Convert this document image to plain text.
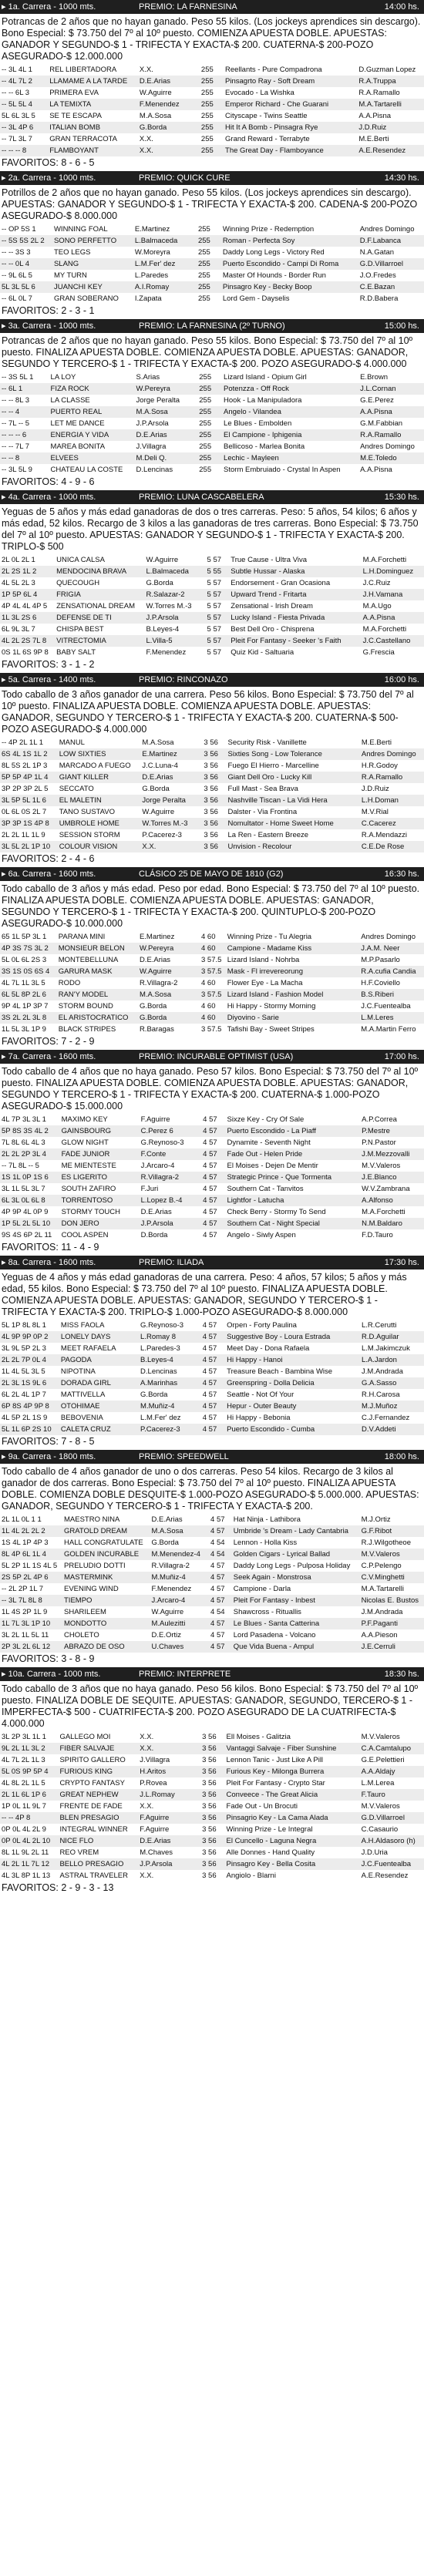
▸ 1a. Carrera - 1000 mts.	PREMIO: LA FARNESINA	14:00 hs.
Potrancas de 2 años que no hayan ganado. Peso 55 kilos. (Los jockeys aprendices sin descargo). Bono Especial: $ 73.750 del 7º al 10º puesto. COMIENZA APUESTA DOBLE. APUESTAS: GANADOR Y SEGUNDO-$ 1 - TRIFECTA Y EXACTA-$ 200. CUATERNA-$ 200-POZO ASEGURADO-$ 12.000.000
-- 3L 4L 1	REL LIBERTADORA	X.X.	255	Reellants - Pure Compadrona	D.Guzman Lopez
-- 4L 7L 2	LLAMAME A LA TARDE	D.E.Arias	255	Pinsagrto Ray - Soft Dream	R.A.Truppa
-- -- 6L 3	PRIMERA EVA	W.Aguirre	255	Evocado - La Wishka	R.A.Ramallo
-- 5L 5L 4	LA TEMIXTA	F.Menendez	255	Emperor Richard - Che Guarani	M.A.Tartarelli
5L 6L 3L 5	SE TE ESCAPA	M.A.Sosa	255	Cityscape - Twins Seattle	A.A.Pisna
-- 3L 4P 6	ITALIAN BOMB	G.Borda	255	Hit It A Bomb - Pinsagra Rye	J.D.Ruiz
-- 7L 3L 7	GRAN TERRACOTA	X.X.	255	Grand Reward - Terrabyte	M.E.Berti
-- -- -- 8	FLAMBOYANT	X.X.	255	The Great Day - Flamboyance	A.E.Resendez
FAVORITOS: 8 - 6 - 5
▸ 2a. Carrera - 1000 mts.	PREMIO: QUICK CURE	14:30 hs.
Potrillos de 2 años que no hayan ganado. Peso 55 kilos. (Los jockeys aprendices sin descargo). APUESTAS: GANADOR Y SEGUNDO-$ 1 - TRIFECTA Y EXACTA-$ 200. CADENA-$ 200-POZO ASEGURADO-$ 8.000.000
-- OP 5S 1	WINNING FOAL	E.Martinez	255	Winning Prize - Redemption	Andres Domingo
-- 5S 5S 2L 2	SONO PERFETTO	L.Balmaceda	255	Roman - Perfecta Soy	D.F.Labanca
-- -- 3S 3	TEO LEGS	W.Moreyra	255	Daddy Long Legs - Victory Red	N.A.Gatan
-- -- 0L 4	SLANG	L.M.Fer' dez	255	Puerto Escondido - Campi Di Roma	G.D.Villarroel
-- 9L 6L 5	MY TURN	L.Paredes	255	Master Of Hounds - Border Run	J.O.Fredes
5L 3L 5L 6	JUANCHI KEY	A.I.Romay	255	Pinsagro Key - Becky Boop	C.E.Bazan
-- 6L 0L 7	GRAN SOBERANO	I.Zapata	255	Lord Gem - Dayselis	R.D.Babera
FAVORITOS: 2 - 3 - 1
▸ 3a. Carrera - 1000 mts.	PREMIO: LA FARNESINA (2º TURNO)	15:00 hs.
Potrancas de 2 años que no hayan ganado. Peso 55 kilos. Bono Especial: $ 73.750 del 7º al 10º puesto. FINALIZA APUESTA DOBLE. COMIENZA APUESTA DOBLE. APUESTAS: GANADOR, SEGUNDO Y TERCERO-$ 1 - TRIFECTA Y EXACTA-$ 200. POZO ASEGURADO-$ 4.000.000
-- 3S 5L 1	LA LOY	S.Arias	255	Lizard Island - Opium Girl	E.Brown
-- 6L 1	FIZA ROCK	W.Pereyra	255	Potenzza - Off Rock	J.L.Cornan
-- -- 8L 3	LA CLASSE	Jorge Peralta	255	Hook - La Manipuladora	G.E.Perez
-- -- 4	PUERTO REAL	M.A.Sosa	255	Angelo - Vilandea	A.A.Pisna
-- 7L -- 5	LET ME DANCE	J.P.Arsola	255	Le Blues - Embolden	G.M.Fabbian
-- -- -- 6	ENERGIA Y VIDA	D.E.Arias	255	El Campione - Iphigenia	R.A.Ramallo
-- -- 7L 7	MAREA BONITA	J.Villagra	255	Bellicoso - Marlea Bonita	Andres Domingo
-- -- 8	ELVEES	M.Deli Q.	255	Lechic - Mayleen	M.E.Toledo
-- 3L 5L 9	CHATEAU LA COSTE	D.Lencinas	255	Storm Embruiado - Crystal In Aspen	A.A.Pisna
FAVORITOS: 4 - 9 - 6
▸ 4a. Carrera - 1000 mts.	PREMIO: LUNA CASCABELERA	15:30 hs.
Yeguas de 5 años y más edad ganadoras de dos o tres carreras. Peso: 5 años, 54 kilos; 6 años y más edad, 52 kilos. Recargo de 3 kilos a las ganadoras de tres carreras. Bono Especial: $ 73.750 del 7º al 10º puesto. APUESTAS: GANADOR Y SEGUNDO-$ 1 - TRIFECTA Y EXACTA-$ 200. TRIPLO-$ 500
2L 0L 2L 1	UNICA CALSA	W.Aguirre	5 57	True Cause - Ultra Viva	M.A.Forchetti
2L 2S 1L 2	MENDOCINA BRAVA	L.Balmaceda	5 55	Subtle Hussar - Alaska	L.H.Dominguez
4L 5L 2L 3	QUECOUGH	G.Borda	5 57	Endorsement - Gran Ocasiona	J.C.Ruiz
1P 5P 6L 4	FRIGIA	R.Salazar-2	5 57	Upward Trend - Fritarta	J.H.Vamana
4P 4L 4L 4P 5	ZENSATIONAL DREAM	W.Torres M.-3	5 57	Zensational - Irish Dream	M.A.Ugo
1L 3L 2S 6	DEFENSE DE TI	J.P.Arsola	5 57	Lucky Island - Fiesta Privada	A.A.Pisna
6L 9L 3L 7	CHISPA BEST	B.Leyes-4	5 57	Best Dell Oro - Chisprena	M.A.Forchetti
4L 2L 2S 7L 8	VITRECTOMIA	L.Villa-5	5 57	Pleit For Fantasy - Seeker 's Faith	J.C.Castellano
0S 1L 6S 9P 8	BABY SALT	F.Menendez	5 57	Quiz Kid - Saltuaria	G.Frescia
FAVORITOS: 3 - 1 - 2
▸ 5a. Carrera - 1400 mts.	PREMIO: RINCONAZO	16:00 hs.
Todo caballo de 3 años ganador de una carrera. Peso 56 kilos. Bono Especial: $ 73.750 del 7º al 10º puesto. FINALIZA APUESTA DOBLE. COMIENZA APUESTA DOBLE. APUESTAS: GANADOR, SEGUNDO Y TERCERO-$ 1 - TRIFECTA Y EXACTA-$ 200. CUATERNA-$ 500-POZO ASEGURADO-$ 4.000.000
-- 4P 2L 1L 1	MANUL	M.A.Sosa	3 56	Security Risk - Vanillette	M.E.Berti
6S 4L 1S 1L 2	LOW SIXTIES	E.Martinez	3 56	Sixties Song - Low Tolerance	Andres Domingo
8L 5S 2L 1P 3	MARCADO A FUEGO	J.C.Luna-4	3 56	Fuego El Hierro - Marcelline	H.R.Godoy
5P 5P 4P 1L 4	GIANT KILLER	D.E.Arias	3 56	Giant Dell Oro - Lucky Kill	R.A.Ramallo
3P 2P 3P 2L 5	SECCATO	G.Borda	3 56	Full Mast - Sea Brava	J.D.Ruiz
3L 5P 5L 1L 6	EL MALETIN	Jorge Peralta	3 56	Nashville Tiscan - La Vidi Hera	L.H.Doman
0L 6L 0S 2L 7	TANO SUSTAVO	W.Aguirre	3 56	Dalster - Via Frontina	M.V.Rial
3P 3P 1S 4P 8	UMBROLE HOME	W.Torres M.-3	3 56	Nomultator - Home Sweet Home	C.Cacerez
2L 2L 1L 1L 9	SESSION STORM	P.Cacerez-3	3 56	La Ren - Eastern Breeze	R.A.Mendazzi
3L 5L 2L 1P 10	COLOUR VISION	X.X.	3 56	Unvision - Recolour	C.E.De Rose
FAVORITOS: 2 - 4 - 6
▸ 6a. Carrera - 1600 mts.	CLÁSICO 25 DE MAYO DE 1810 (G2)	16:30 hs.
Todo caballo de 3 años y más edad. Peso por edad. Bono Especial: $ 73.750 del 7º al 10º puesto. FINALIZA APUESTA DOBLE. COMIENZA APUESTA DOBLE. APUESTAS: GANADOR, SEGUNDO Y TERCERO-$ 1 - TRIFECTA Y EXACTA-$ 200. QUINTUPLO-$ 200-POZO ASEGURADO-$ 10.000.000
65 1L 5P 3L 1	PARANA MINI	E.Martinez	4 60	Winning Prize - Tu Alegria	Andres Domingo
4P 3S 7S 3L 2	MONSIEUR BELON	W.Pereyra	4 60	Campione - Madame Kiss	J.A.M. Neer
5L 0L 6L 2S 3	MONTEBELLUNA	D.E.Arias	3 57.5	Lizard Island - Nohrba	M.P.Pasarlo
3S 1S 0S 6S 4	GARURA MASK	W.Aguirre	3 57.5	Mask - Fl irrevereorung	R.A.cufia Candia
4L 7L 1L 3L 5	RODO	R.Villagra-2	4 60	Flower Eye - La Macha	H.F.Coviello
6L 5L 8P 2L 6	RAN'Y MODEL	M.A.Sosa	3 57.5	Lizard Island - Fashion Model	B.S.Riberi
9P 4L 1P 3P 7	STORM BOUND	G.Borda	4 60	Hi Happy - Stormy Morning	J.C.Fuentealba
3S 2L 2L 3L 8	EL ARISTOCRATICO	G.Borda	4 60	Diyovino - Sarie	L.M.Leres
1L 5L 3L 1P 9	BLACK STRIPES	R.Baragas	3 57.5	Tafishi Bay - Sweet Stripes	M.A.Martin Ferro
FAVORITOS: 7 - 2 - 9
▸ 7a. Carrera - 1600 mts.	PREMIO: INCURABLE OPTIMIST (USA)	17:00 hs.
Todo caballo de 4 años que no haya ganado. Peso 57 kilos. Bono Especial: $ 73.750 del 7º al 10º puesto. FINALIZA APUESTA DOBLE. COMIENZA APUESTA DOBLE. APUESTAS: GANADOR, SEGUNDO Y TERCERO-$ 1 - TRIFECTA Y EXACTA-$ 200. CUATERNA-$ 1.000-POZO ASEGURADO-$ 15.000.000
4L 7P 3L 3L 1	MAXIMO KEY	F.Aguirre	4 57	Sixze Key - Cry Of Sale	A.P.Correa
5P 8S 3S 4L 2	GAINSBOURG	C.Perez 6	4 57	Puerto Escondido - La Piaff	P.Mestre
7L 8L 6L 4L 3	GLOW NIGHT	G.Reynoso-3	4 57	Dynamite - Seventh Night	P.N.Pastor
2L 2L 2P 3L 4	FADE JUNIOR	F.Conte	4 57	Fade Out - Helen Pride	J.M.Mezzovalli
-- 7L 8L -- 5	ME MIENTESTE	J.Arcaro-4	4 57	El Moises - Dejen De Mentir	M.V.Valeros
1S 1L 0P 1S 6	ES LIGERITO	R.Villagra-2	4 57	Strategic Prince - Que Tormenta	J.E.Blanco
3L 1L 5L 3L 7	SOUTH ZAFIRO	F.Juri	4 57	Southern Cat - Tanvitos	W.V.Zambrana
6L 3L 0L 6L 8	TORRENTOSO	L.Lopez B.-4	4 57	Lightfor - Latucha	A.Alfonso
4P 9P 4L 0P 9	STORMY TOUCH	D.E.Arias	4 57	Check Berry - Stormy To Send	M.A.Forchetti
1P 5L 2L 5L 10	DON JERO	J.P.Arsola	4 57	Southern Cat - Night Special	N.M.Baldaro
9S 4S 6P 2L 11	COOL ASPEN	D.Borda	4 57	Angelo - Siwly Aspen	F.D.Tauro
FAVORITOS: 11 - 4 - 9
▸ 8a. Carrera - 1600 mts.	PREMIO: ILIADA	17:30 hs.
Yeguas de 4 años y más edad ganadoras de una carrera. Peso: 4 años, 57 kilos; 5 años y más edad, 55 kilos. Bono Especial: $ 73.750 del 7º al 10º puesto. FINALIZA APUESTA DOBLE. COMIENZA APUESTA DOBLE. APUESTAS: GANADOR, SEGUNDO Y TERCERO-$ 1 - TRIFECTA Y EXACTA-$ 200. TRIPLO-$ 1.000-POZO ASEGURADO-$ 8.000.000
5L 1P 8L 8L 1	MISS FAOLA	G.Reynoso-3	4 57	Orpen - Forty Paulina	L.R.Cerutti
4L 9P 9P 0P 2	LONELY DAYS	L.Romay 8	4 57	Suggestive Boy - Loura Estrada	R.D.Aguilar
3L 9L 5P 2L 3	MEET RAFAELA	L.Paredes-3	4 57	Meet Day - Dona Rafaela	L.M.Jakimczuk
2L 2L 7P 0L 4	PAGODA	B.Leyes-4	4 57	Hi Happy - Hanoi	L.A.Jardon
1L 4L 5L 3L 5	NIPOTINA	D.Lencinas	4 57	Treasure Beach - Bambina Wise	J.M.Andrada
2L 3L 1S 9L 6	DORADA GIRL	A.Marinhas	4 57	Greenspring - Dolla Delicia	G.A.Sasso
6L 2L 4L 1P 7	MATTIVELLA	G.Borda	4 57	Seattle - Not Of Your	R.H.Carosa
6P 8S 4P 9P 8	OTOHIMAE	M.Muñiz-4	4 57	Hepur - Outer Beauty	M.J.Muñoz
4L 5P 2L 1S 9	BEBOVENIA	L.M.Fer' dez	4 57	Hi Happy - Bebonia	C.J.Fernandez
5L 1L 6P 2S 10	CALETA CRUZ	P.Cacerez-3	4 57	Puerto Escondido - Cumba	D.V.Addeti
FAVORITOS: 7 - 8 - 5
▸ 9a. Carrera - 1800 mts.	PREMIO: SPEEDWELL	18:00 hs.
Todo caballo de 4 años ganador de uno o dos carreras. Peso 54 kilos. Recargo de 3 kilos al ganador de dos carreras. Bono Especial: $ 73.750 del 7º al 10º puesto. FINALIZA APUESTA DOBLE. COMIENZA DOBLE DESQUITE-$ 1.000-POZO ASEGURADO-$ 5.000.000. APUESTAS: GANADOR, SEGUNDO Y TERCERO-$ 1 - TRIFECTA Y EXACTA-$ 200.
2L 1L 0L 1 1	MAESTRO NINA	D.E.Arias	4 57	Hat Ninja - Lathibora	M.J.Ortiz
1L 4L 2L 2L 2	GRATOLD DREAM	M.A.Sosa	4 57	Umbride 's Dream - Lady Cantabria	G.F.Ribot
1S 4L 1P 4P 3	HALL CONGRATULATE	G.Borda	4 54	Lennon - Holla Kiss	R.J.Wilgotheoe
8L 4P 6L 1L 4	GOLDEN INCURABLE	M.Menendez-4	4 54	Golden Cigars - Lyrical Ballad	M.V.Valeros
5L 2P 1L 1S 4L 5	PRELUDIO DOTTI	R.Villagra-2	4 57	Daddy Long Legs - Pulposa Holiday	C.P.Pelengo
2S 5P 2L 4P 6	MASTERMINK	M.Muñiz-4	4 57	Seek Again - Monstrosa	C.V.Minghetti
-- 2L 2P 1L 7	EVENING WIND	F.Menendez	4 57	Campione - Darla	M.A.Tartarelli
-- 3L 7L 8L 8	TIEMPO	J.Arcaro-4	4 57	Pleit For Fantasy - Inbest	Nicolas E. Bustos
1L 4S 2P 1L 9	SHARILEEM	W.Aguirre	4 54	Shawcross - Rituallis	J.M.Andrada
1L 7L 3L 1P 10	MONDOTTO	M.Aulezitti	4 57	Le Blues - Santa Catterina	P.F.Paganti
3L 2L 1L 5L 11	CHOLETO	D.E.Ortiz	4 57	Lord Pasadena - Volcano	A.A.Pieson
2P 3L 2L 6L 12	ABRAZO DE OSO	U.Chaves	4 57	Que Vida Buena - Ampul	J.E.Cerruli
FAVORITOS: 3 - 8 - 9
▸ 10a. Carrera - 1000 mts.	PREMIO: INTERPRETE	18:30 hs.
Todo caballo de 3 años que no haya ganado. Peso 56 kilos. Bono Especial: $ 73.750 del 7º al 10º puesto. FINALIZA DOBLE DE SEQUITE. APUESTAS: GANADOR, SEGUNDO, TERCERO-$ 1 - IMPERFECTA-$ 500 - CUATRIFECTA-$ 200. POZO ASEGURADO DE LA CUATRIFECTA-$ 4.000.000
3L 2P 3L 1L 1	GALLEGO MOI	X.X.	3 56	Ell Moises - Galitzia	M.V.Valeros
9L 2L 1L 3L 2	FIBER SALVAJE	X.X.	3 56	Vantaggi Salvaje - Fiber Sunshine	C.A.Camtalupo
4L 7L 2L 1L 3	SPIRITO GALLERO	J.Villagra	3 56	Lennon Tanic - Just Like A Pill	G.E.Pelettieri
5L 0S 9P 5P 4	FURIOUS KING	H.Aritos	3 56	Furious Key - Milonga Burrera	A.A.Aldajy
4L 8L 2L 1L 5	CRYPTO FANTASY	P.Rovea	3 56	Pleit For Fantasy - Crypto Star	L.M.Lerea
2L 1L 6L 1P 6	GREAT NEPHEW	J.L.Romay	3 56	Conveece - The Great Alicia	F.Tauro
1P 0L 1L 9L 7	FRENTE DE FADE	X.X.	3 56	Fade Out - Un Brocuti	M.V.Valeros
-- -- 4P 8	BLEN PRESAGIO	F.Aguirre	3 56	Pinsagrio Key - La Cama Alada	G.D.Villarroel
0P 0L 4L 2L 9	INTEGRAL WINNER	F.Aguirre	3 56	Winning Prize - Le Integral	C.Casaurio
0P 0L 4L 2L 10	NICE FLO	D.E.Arias	3 56	El Cuncello - Laguna Negra	A.H.Aldasoro (h)
8L 1L 9L 2L 11	REO VREM	M.Chaves	3 56	Alle Donnes - Hand Quality	J.D.Uria
4L 2L 1L 7L 12	BELLO PRESAGIO	J.P.Arsola	3 56	Pinsagro Key - Bella Cosita	J.C.Fuentealba
4L 3L 8P 1L 13	ASTRAL TRAVELER	X.X.	3 56	Angiolo - Blarni	A.E.Resendez
FAVORITOS: 2 - 9 - 3 - 13
